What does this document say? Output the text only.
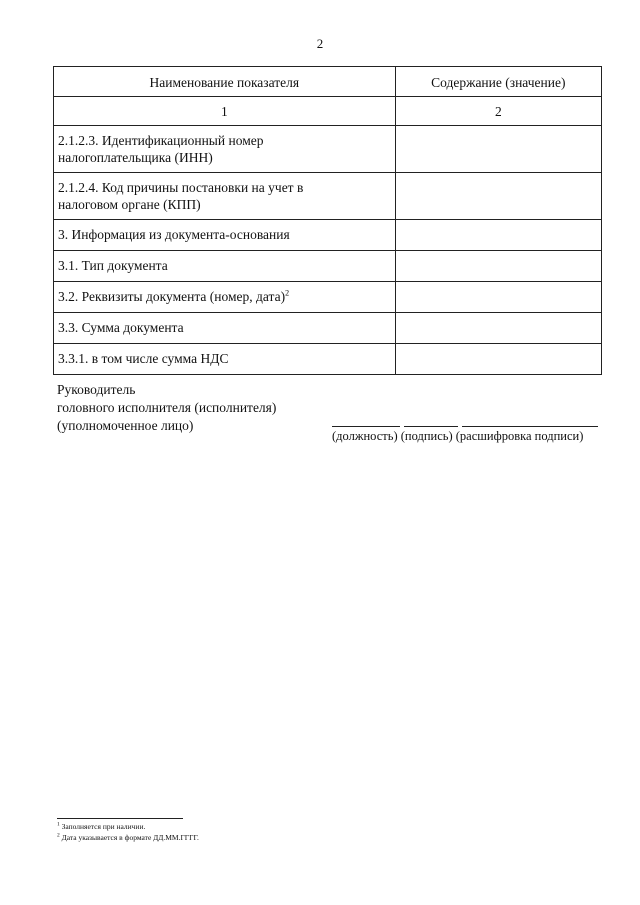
2
Наименование показателя	Содержание (значение)
1	2

2.1.2.3. Идентификационный номер
налогоплательщика (ИНН)	

2.1.2.4. Код причины постановки на учет в
налоговом органе (КПП)	

3. Информация из документа-основания	
3.1. Тип документа	
3.2. Реквизиты документа (номер, дата)$^2$	
3.3. Сумма документа	
3.3.1. в том числе сумма НДС	
Руководитель
головного исполнителя (исполнителя)
(уполномоченное лицо)
(должность) (подпись) (расшифровка подписи)
$^1$ Заполняется при наличии.
$^2$ Дата указывается в формате ДД.ММ.ГГГГ.
